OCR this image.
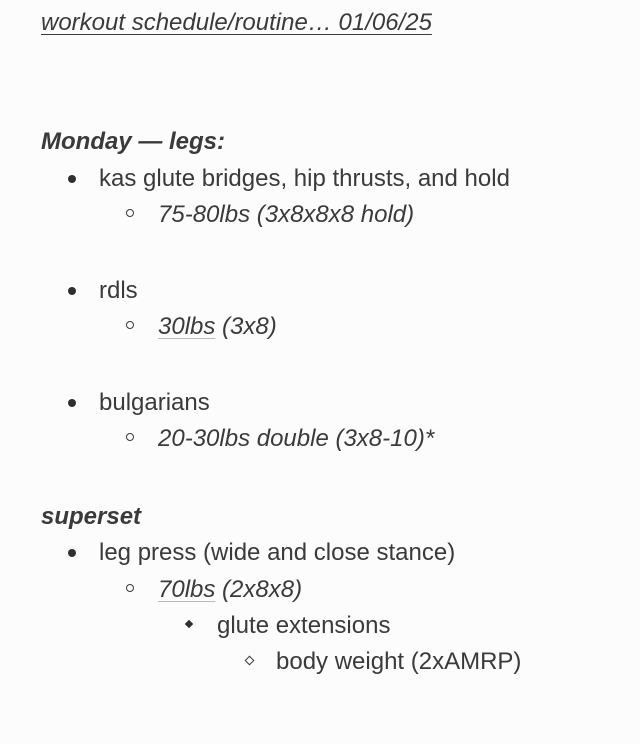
workout schedule/routine… 01/06/25
Monday — legs:
kas glute bridges, hip thrusts, and hold
75-80lbs (3x8x8x8 hold)
rdls
30lbs (3x8)
bulgarians
20-30lbs double (3x8-10)*
superset
leg press (wide and close stance)
70lbs (2x8x8)
glute extensions
body weight (2xAMRP)
